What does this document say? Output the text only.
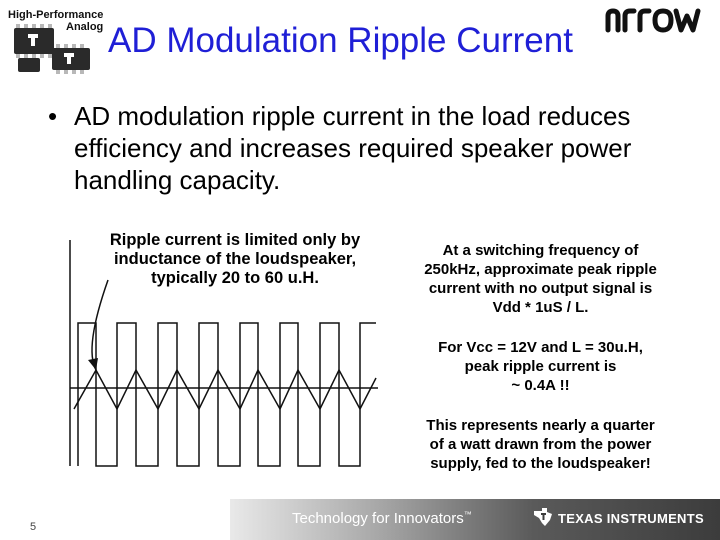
High-Performance
Analog AD Modulation Ripple Current
• AD modulation ripple current in the load reduces efficiency and increases required speaker power handling capacity.
Ripple current is limited only by
inductance of the loudspeaker,
typically 20 to 60 u.H.
At a switching frequency of
250kHz, approximate peak ripple
current with no output signal is
Vdd * 1uS / L.
For Vcc = 12V and L = 30u.H,
peak ripple current is
~ 0.4A !!
This represents nearly a quarter
of a watt drawn from the power
supply, fed to the loudspeaker!
5	Technology for Innovators™	TEXAS INSTRUMENTS
